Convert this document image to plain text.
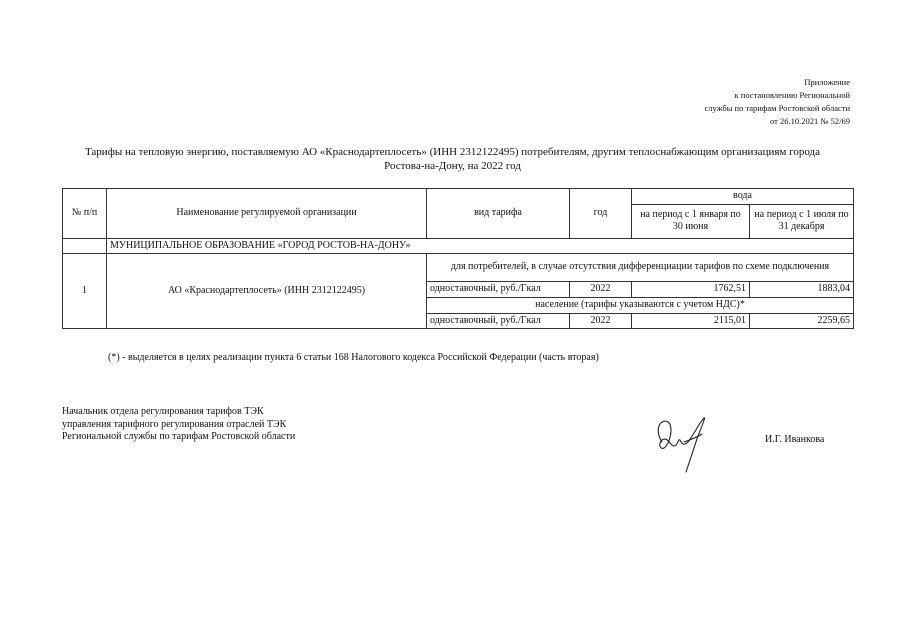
Приложение
к постановлению Региональной
службы по тарифам Ростовской области
от 26.10.2021 № 52/69
Тарифы на тепловую энергию, поставляемую АО «Краснодартеплосеть» (ИНН 2312122495) потребителям, другим теплоснабжающим организациям города
Ростова-на-Дону, на 2022 год
№ п/п	Наименование регулируемой организации	вид тарифа	год	вода	
				на период с 1 января по 30 июня	на период с 1 июля по 31 декабря
	МУНИЦИПАЛЬНОЕ ОБРАЗОВАНИЕ «ГОРОД РОСТОВ-НА-ДОНУ»				
1	АО «Краснодартеплосеть» (ИНН 2312122495)	для потребителей, в случае отсутствия дифференциации тарифов по схеме подключения			
		одноставочный, руб./Гкал	2022	1762,51	1883,04
		население (тарифы указываются с учетом НДС)*			
		одноставочный, руб./Гкал	2022	2115,01	2259,65
(*) - выделяется в целях реализации пункта 6 статьи 168 Налогового кодекса Российской Федерации (часть вторая)
Начальник отдела регулирования тарифов ТЭК
управления тарифного регулирования отраслей ТЭК
Региональной службы по тарифам Ростовской области	И.Г. Иванкова
